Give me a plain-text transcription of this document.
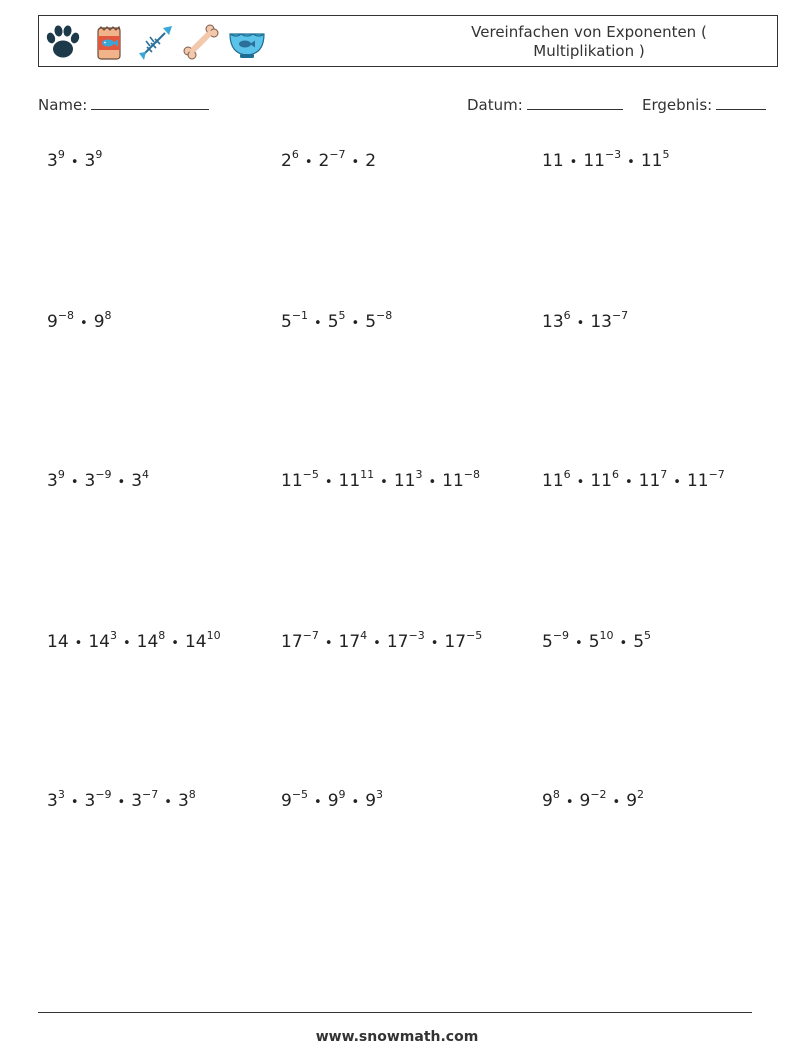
Vereinfachen von Exponenten ( Multiplikation )
Name:	Datum:	Ergebnis:
$3^9•$ $3^9$	$2^6•$ $2^{-7}•$ 2	11 • $11^{-3}•$ $11^5$
$9^{-8}•$ $9^8$	$5^{-1}•$ $5^5•$ $5^{-8}$	$13^6•$ $13^{-7}$
$3^9•$ $3^{-9}•$ $3^4$	$11^{-5}•$ $11^{11}•$ $11^3•$ $11^{-8}$	$11^6•$ $11^6•$ $11^7•$ $11^{-7}$
14 • $14^3•$ $14^8•$ $14^{10}$	$17^{-7}•$ $17^4•$ $17^{-3}•$ $17^{-5}$	$5^{-9}•$ $5^{10}•$ $5^5$
$3^3•$ $3^{-9}•$ $3^{-7}•$ $3^8$	$9^{-5}•$ $9^9•$ $9^3$	$9^8•$ $9^{-2}•$ $9^2$
www.snowmath.com
